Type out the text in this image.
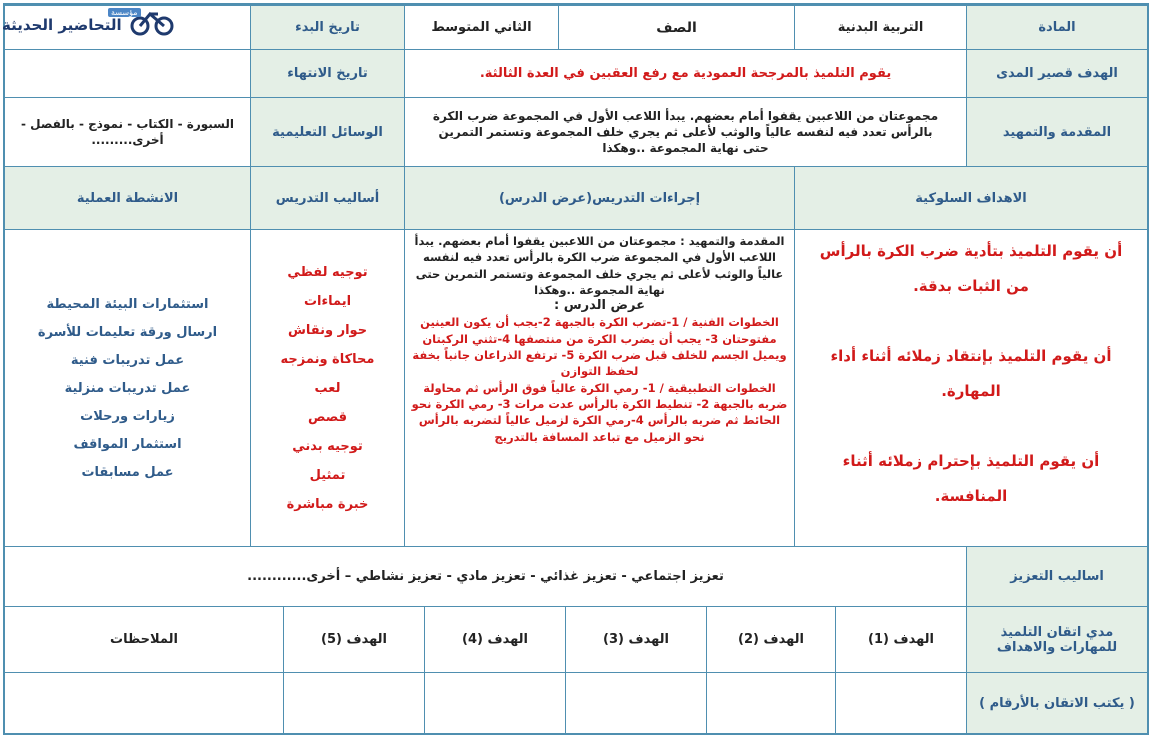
المادة
التربية البدنية
الصف
الثاني المتوسط
تاريخ البدء
الهدف قصير المدى
يقوم التلميذ بالمرجحة العمودية مع رفع العقبين في العدة الثالثة.
تاريخ الانتهاء
المقدمة والتمهيد
مجموعتان من اللاعبين يقفوا أمام بعضهم. يبدأ اللاعب الأول في المجموعة ضرب الكرة بالرأس تعدد فيه لنفسه عالياً والوثب لأعلى ثم يجري خلف المجموعة وتستمر التمرين حتى نهاية المجموعة ..وهكذا
الوسائل التعليمية
السبورة - الكتاب - نموذج - بالفصل - أخرى.........
الاهداف السلوكية
إجراءات التدريس(عرض الدرس)
أساليب التدريس
الانشطة العملية
أن يقوم التلميذ بتأدية ضرب الكرة بالرأس
من الثبات بدقة.

أن يقوم التلميذ بإنتقاد زملائه أثناء أداء
المهارة.

أن يقوم التلميذ بإحترام زملائه أثناء
المنافسة.
المقدمة والتمهيد : مجموعتان من اللاعبين يقفوا أمام بعضهم. يبدأ اللاعب الأول في المجموعة ضرب الكرة بالرأس تعدد فيه لنفسه عالياً والوثب لأعلى ثم يجري خلف المجموعة وتستمر التمرين حتى نهاية المجموعة ..وهكذا
عرض الدرس :
الخطوات الفنية / 1-تضرب الكرة بالجبهة 2-يجب أن يكون العينين مفتوحتان 3- يجب أن يضرب الكرة من منتصفها 4-تثني الركبتان ويميل الجسم للخلف قبل ضرب الكرة 5- ترتفع الذراعان جانباً بخفة لحفظ التوازن
الخطوات التطبيقية / 1- رمي الكرة عالياً فوق الرأس ثم محاولة ضربه بالجبهة 2- تنطيط الكرة بالرأس عدت مرات 3- رمي الكرة نحو الحائط ثم ضربه بالرأس 4-رمي الكرة لزميل عالياً لتضربه بالرأس نحو الزميل مع تباعد المسافة بالتدريج
توجيه لفظي
ايماءات
حوار ونقاش
محاكاة ونمزجه
لعب
قصص
توجيه بدني
تمثيل
خبرة مباشرة
استثمارات البيئة المحيطة
ارسال ورقة تعليمات للأسرة
عمل تدريبات فنية
عمل تدريبات منزلية
زيارات ورحلات
استثمار المواقف
عمل مسابقات
اساليب التعزيز
تعزيز اجتماعي - تعزيز غذائي - تعزيز مادي - تعزيز نشاطي – أخرى............
مدي اتقان التلميذ للمهارات والاهداف
الهدف (1)
الهدف (2)
الهدف (3)
الهدف (4)
الهدف (5)
الملاحظات
( يكتب الاتقان بالأرقام )
مؤسسة
التحاضير الحديثة
